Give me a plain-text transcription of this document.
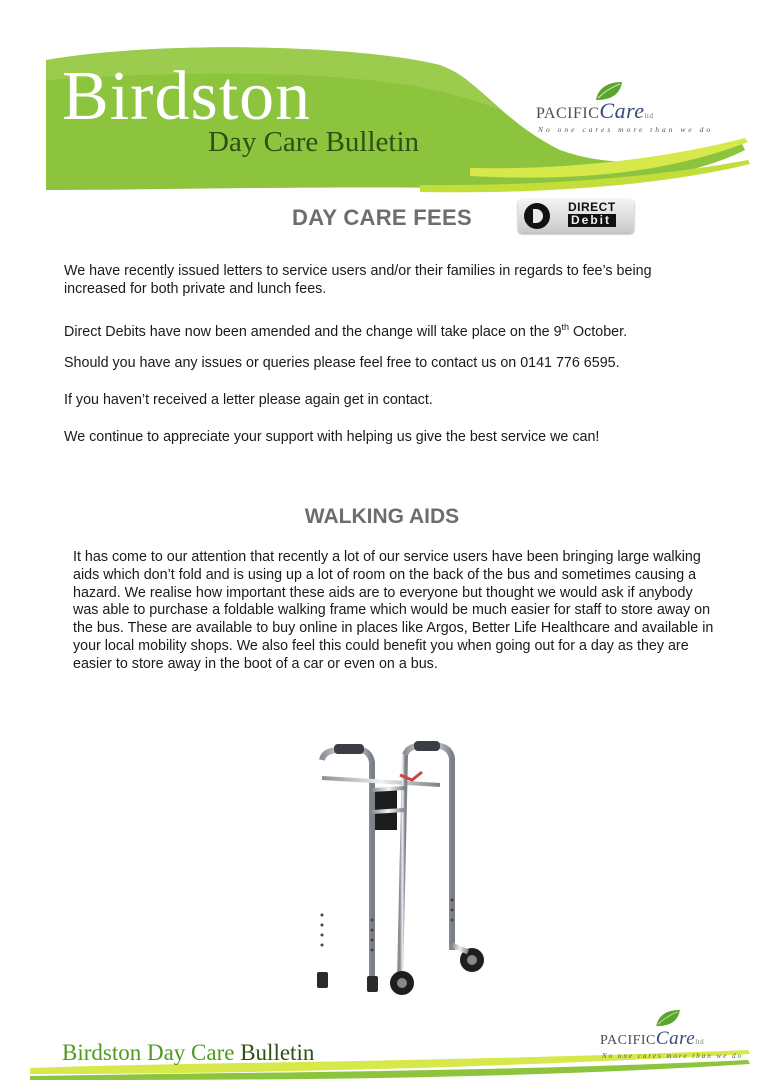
Birdston
Day Care Bulletin
PACIFICCareltd
No one cares more than we do
DAY CARE FEES	DIRECT
Debit

We have recently issued letters to service users and/or their families in regards to fee’s being increased for both private and lunch fees.

Direct Debits have now been amended and the change will take place on the 9th October.

Should you have any issues or queries please feel free to contact us on 0141 776 6595.

If you haven’t received a letter please again get in contact.

We continue to appreciate your support with helping us give the best service we can!

WALKING AIDS

It has come to our attention that recently a lot of our service users have been bringing large walking aids which don’t fold and is using up a lot of room on the back of the bus and sometimes causing a hazard. We realise how important these aids are to everyone but thought we would ask if anybody was able to purchase a foldable walking frame which would be much easier for staff to store away on the bus. These are available to buy online in places like Argos, Better Life Healthcare and available in your local mobility shops. We also feel this could benefit you when going out for a day as they are easier to store away in the boot of a car or even on a bus.

Birdston Day Care Bulletin	PACIFICCareltd
No one cares more than we do
